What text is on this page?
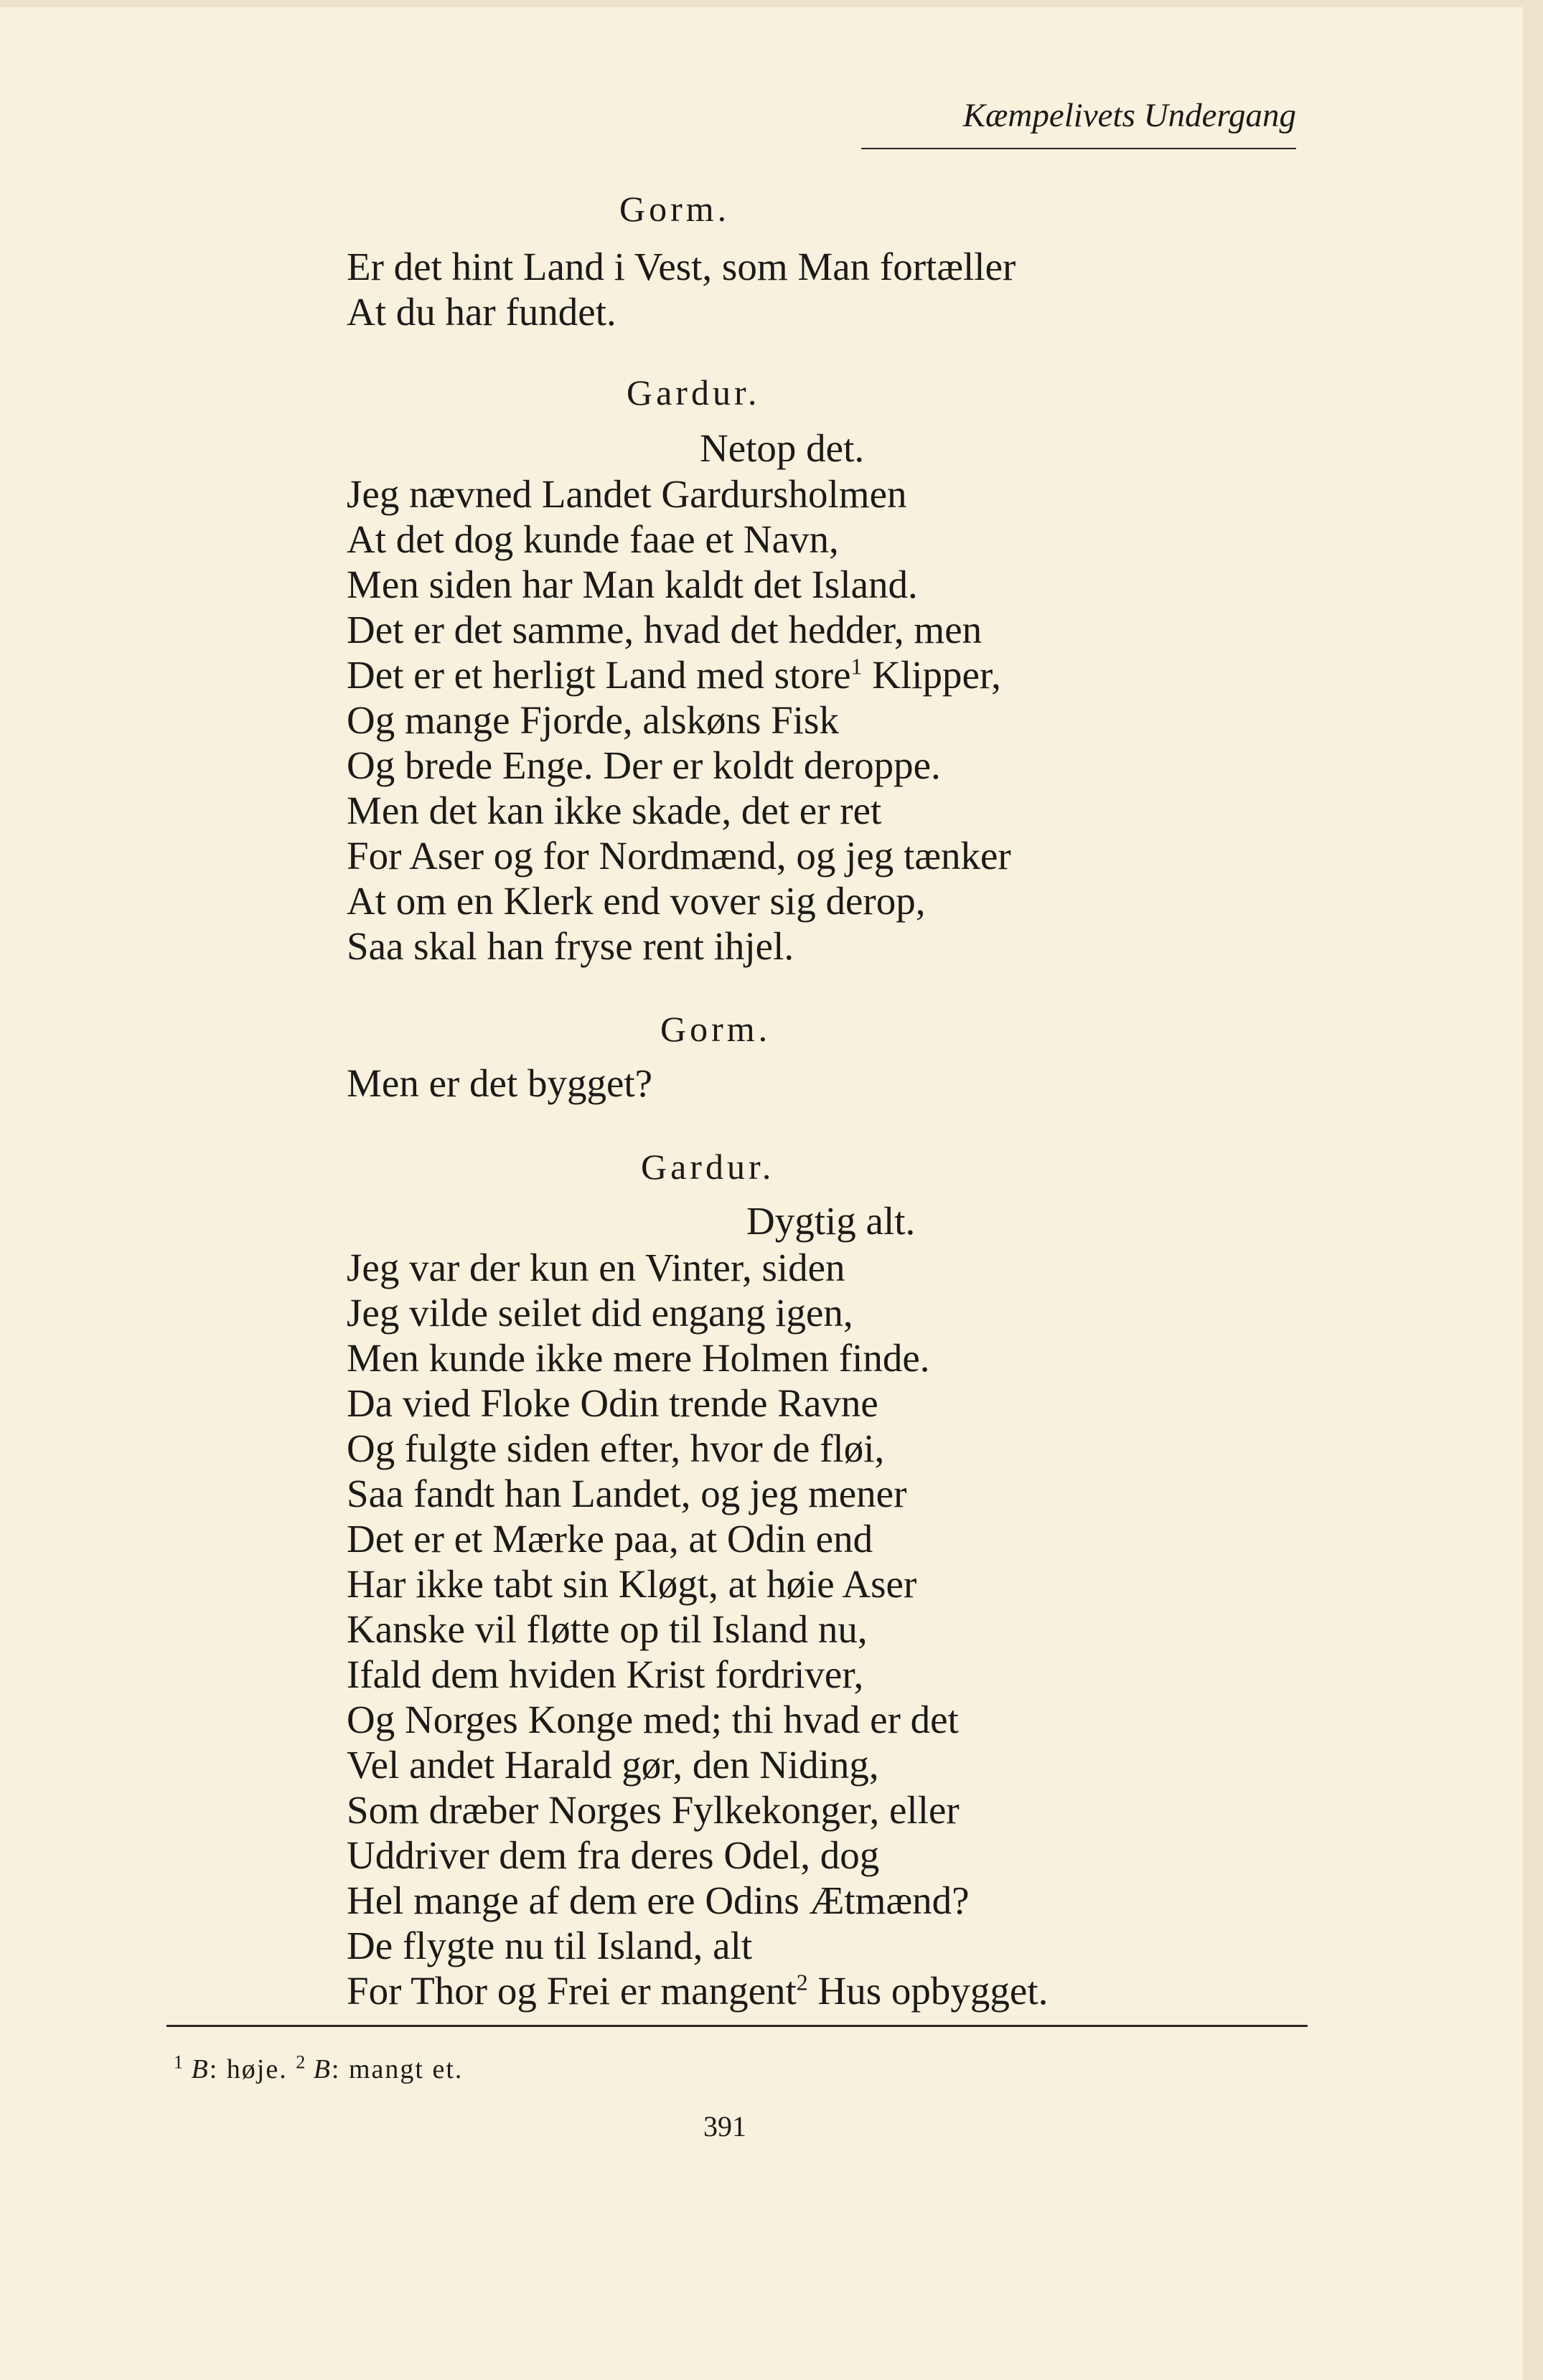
Kæmpelivets Undergang
Gorm.
Er det hint Land i Vest, som Man fortæller
At du har fundet.
Gardur.
Netop det.
Jeg nævned Landet Gardursholmen
At det dog kunde faae et Navn,
Men siden har Man kaldt det Island.
Det er det samme, hvad det hedder, men
Det er et herligt Land med store$^1$ Klipper,
Og mange Fjorde, alskøns Fisk
Og brede Enge. Der er koldt deroppe.
Men det kan ikke skade, det er ret
For Aser og for Nordmænd, og jeg tænker
At om en Klerk end vover sig derop,
Saa skal han fryse rent ihjel.
Gorm.
Men er det bygget?
Gardur.
Dygtig alt.
Jeg var der kun en Vinter, siden
Jeg vilde seilet did engang igen,
Men kunde ikke mere Holmen finde.
Da vied Floke Odin trende Ravne
Og fulgte siden efter, hvor de fløi,
Saa fandt han Landet, og jeg mener
Det er et Mærke paa, at Odin end
Har ikke tabt sin Kløgt, at høie Aser
Kanske vil fløtte op til Island nu,
Ifald dem hviden Krist fordriver,
Og Norges Konge med; thi hvad er det
Vel andet Harald gør, den Niding,
Som dræber Norges Fylkekonger, eller
Uddriver dem fra deres Odel, dog
Hel mange af dem ere Odins Ætmænd?
De flygte nu til Island, alt
For Thor og Frei er mangent$^2$ Hus opbygget.
$^1$ B: høje. $^2$ B: mangt et.
391
